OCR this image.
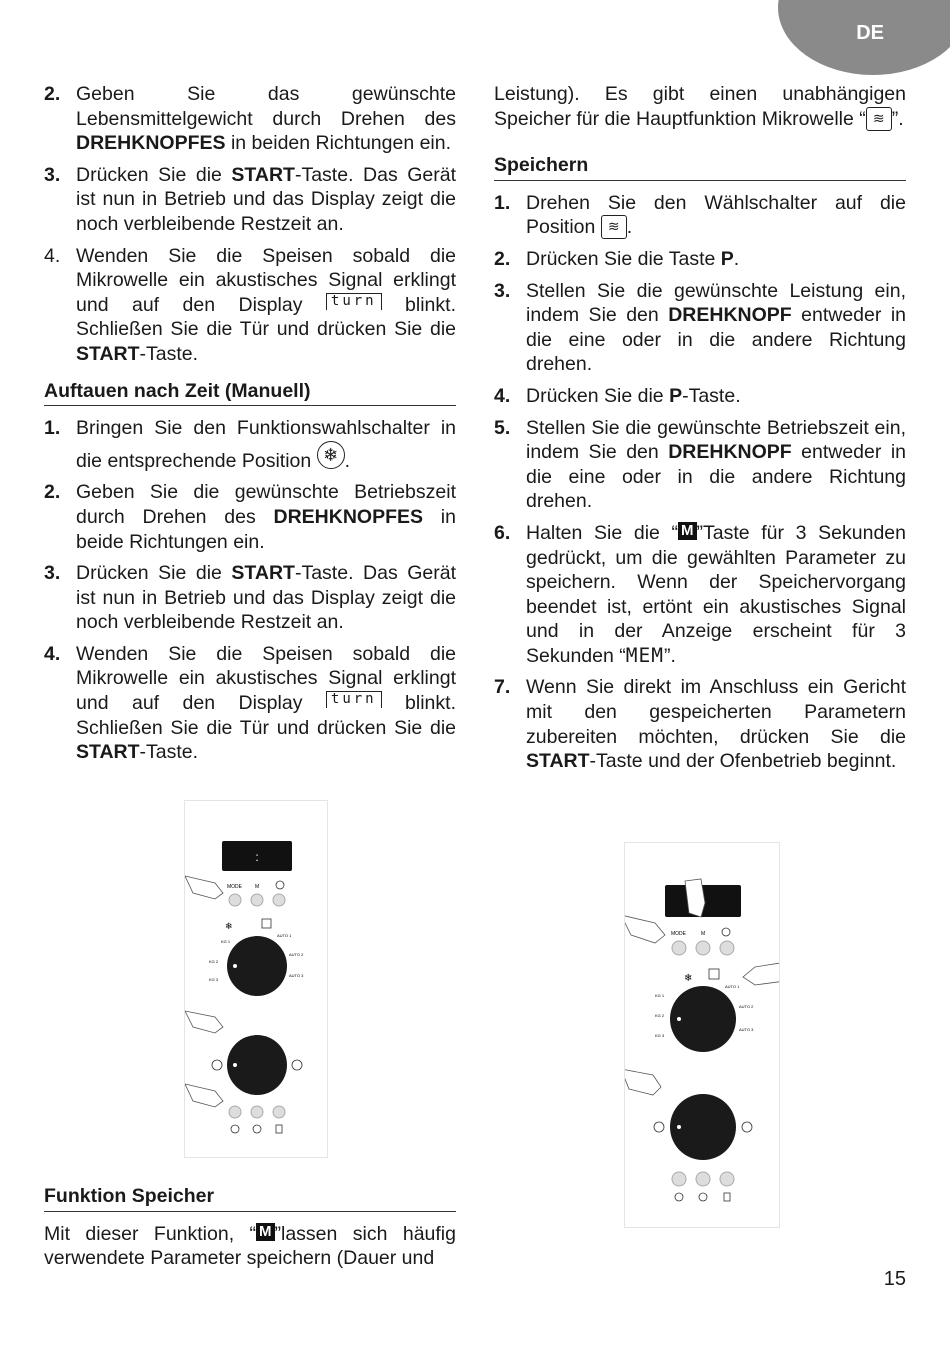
DE
2. Geben Sie das gewünschte Lebensmittelgewicht durch Drehen des DREHKNOPFES in beiden Richtungen ein.
3. Drücken Sie die START-Taste. Das Gerät ist nun in Betrieb und das Display zeigt die noch verbleibende Restzeit an.
4. Wenden Sie die Speisen sobald die Mikrowelle ein akustisches Signal erklingt und auf den Display turn blinkt. Schließen Sie die Tür und drücken Sie die START-Taste.
Auftauen nach Zeit (Manuell)
1. Bringen Sie den Funktionswahlschalter in die entsprechende Position ❄ .
2. Geben Sie die gewünschte Betriebszeit durch Drehen des DREHKNOPFES in beide Richtungen ein.
3. Drücken Sie die START-Taste. Das Gerät ist nun in Betrieb und das Display zeigt die noch verbleibende Restzeit an.
4. Wenden Sie die Speisen sobald die Mikrowelle ein akustisches Signal erklingt und auf den Display turn blinkt. Schließen Sie die Tür und drücken Sie die START-Taste.
:
MODE	M
❄
KG 1
KG 2
KG 3
AUTO 1
AUTO 2
AUTO 3
Funktion Speicher

Mit dieser Funktion, “ M ”lassen sich häufig verwendete Parameter speichern (Dauer und

Leistung). Es gibt einen unabhängigen Speicher für die Hauptfunktion Mikrowelle “ ≋ ”.

Speichern
1. Drehen Sie den Wählschalter auf die Position ≋ .
2. Drücken Sie die Taste P.
3. Stellen Sie die gewünschte Leistung ein, indem Sie den DREHKNOPF entweder in die eine oder in die andere Richtung drehen.
4. Drücken Sie die P-Taste.
5. Stellen Sie die gewünschte Betriebszeit ein, indem Sie den DREHKNOPF entweder in die eine oder in die andere Richtung drehen.
6. Halten Sie die “ M ”Taste für 3 Sekunden gedrückt, um die gewählten Parameter zu speichern. Wenn der Speichervorgang beendet ist, ertönt ein akustisches Signal und in der Anzeige erscheint für 3 Sekunden “MEM”.
7. Wenn Sie direkt im Anschluss ein Gericht mit den gespeicherten Parametern zubereiten möchten, drücken Sie die START-Taste und der Ofenbetrieb beginnt.
MODE	M
❄
KG 1
KG 2
KG 3
AUTO 1
AUTO 2
AUTO 3
15
